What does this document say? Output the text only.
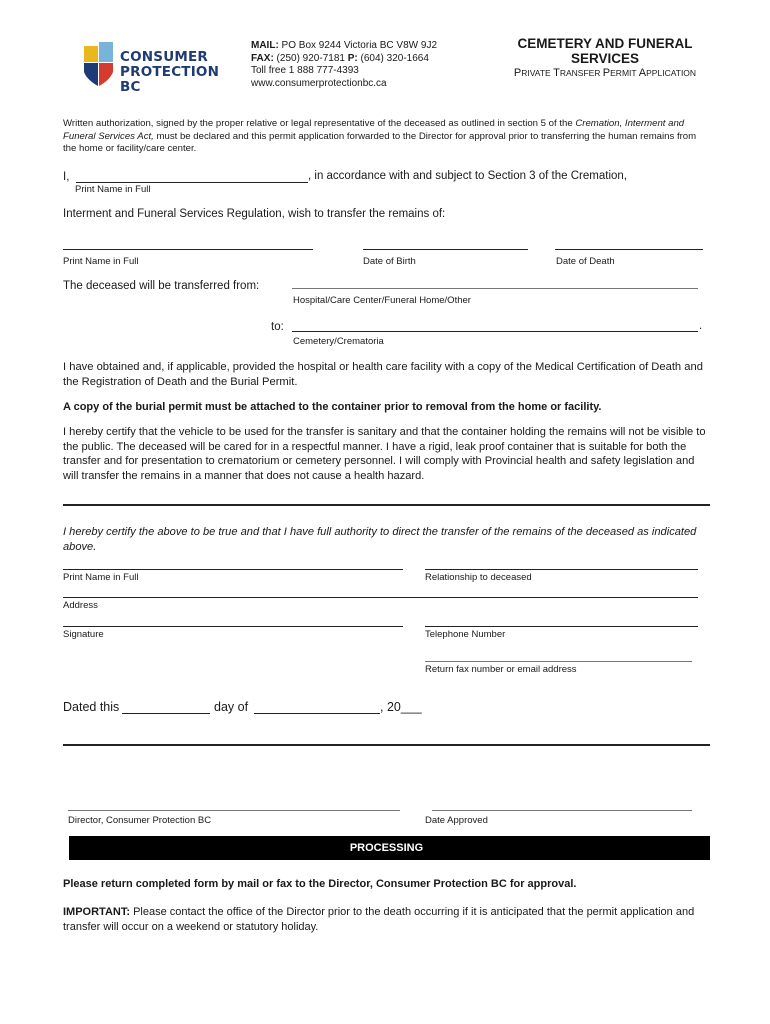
CONSUMER
PROTECTION BC
MAIL: PO Box 9244 Victoria BC V8W 9J2
FAX: (250) 920-7181 P: (604) 320-1664
Toll free 1 888 777-4393
www.consumerprotectionbc.ca
CEMETERY AND FUNERAL
SERVICES
PRIVATE TRANSFER PERMIT APPLICATION
Written authorization, signed by the proper relative or legal representative of the deceased as outlined in section 5 of the Cremation, Interment and Funeral Services Act, must be declared and this permit application forwarded to the Director for approval prior to transferring the human remains from the home or facility/care center.
I,	, in accordance with and subject to Section 3 of the Cremation,
Print Name in Full
Interment and Funeral Services Regulation, wish to transfer the remains of:
Print Name in Full	Date of Birth	Date of Death
The deceased will be transferred from:
Hospital/Care Center/Funeral Home/Other
to:	.
Cemetery/Crematoria
I have obtained and, if applicable, provided the hospital or health care facility with a copy of the Medical Certification of Death and the Registration of Death and the Burial Permit.
A copy of the burial permit must be attached to the container prior to removal from the home or facility.
I hereby certify that the vehicle to be used for the transfer is sanitary and that the container holding the remains will not be visible to the public. The deceased will be cared for in a respectful manner. I have a rigid, leak proof container that is suitable for both the transfer and for presentation to crematorium or cemetery personnel. I will comply with Provincial health and safety legislation and will transfer the remains in a manner that does not cause a health hazard.
I hereby certify the above to be true and that I have full authority to direct the transfer of the remains of the deceased as indicated above.
Print Name in Full	Relationship to deceased
Address
Signature	Telephone Number
Return fax number or email address
Dated this	day of	, 20___
Director, Consumer Protection BC	Date Approved
PROCESSING
Please return completed form by mail or fax to the Director, Consumer Protection BC for approval.
IMPORTANT: Please contact the office of the Director prior to the death occurring if it is anticipated that the permit application and transfer will occur on a weekend or statutory holiday.
